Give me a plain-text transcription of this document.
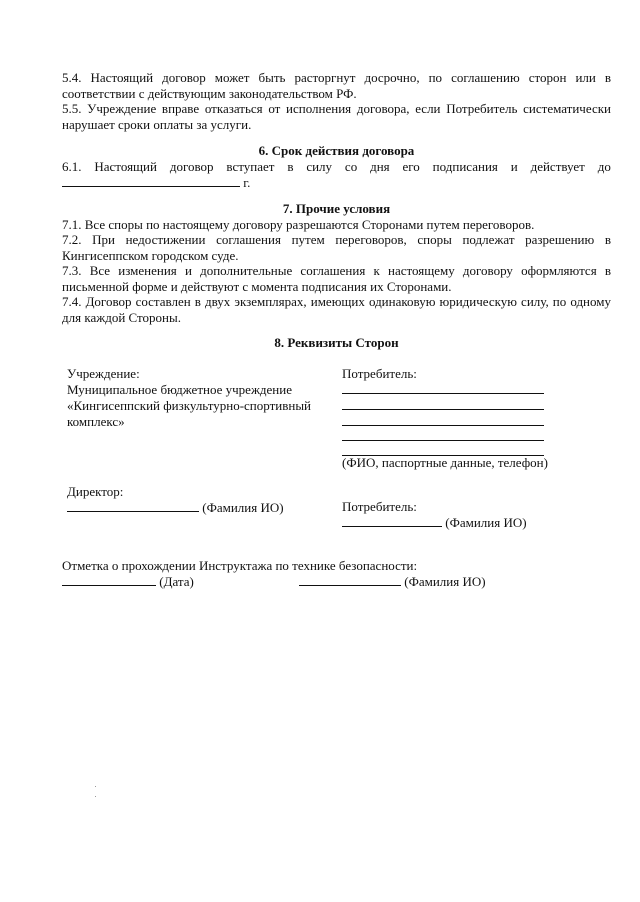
5.4. Настоящий договор может быть расторгнут досрочно, по соглашению сторон или в соответствии с действующим законодательством РФ.

5.5. Учреждение вправе отказаться от исполнения договора, если Потребитель систематически нарушает сроки оплаты за услуги.

6. Срок действия договора

6.1. Настоящий договор вступает в силу со дня его подписания и действует до
г.

7. Прочие условия

7.1. Все споры по настоящему договору разрешаются Сторонами путем переговоров.

7.2. При недостижении соглашения путем переговоров, споры подлежат разрешению в Кингисеппском городском суде.

7.3. Все изменения и дополнительные соглашения к настоящему договору оформляются в письменной форме и действуют с момента подписания их Сторонами.

7.4. Договор составлен в двух экземплярах, имеющих одинаковую юридическую силу, по одному для каждой Стороны.

8. Реквизиты Сторон

Учреждение:
Муниципальное бюджетное учреждение
«Кингисеппский физкультурно-спортивный
комплекс»
Потребитель:
(ФИО, паспортные данные, телефон)
Директор:
(Фамилия ИО)	Потребитель:
(Фамилия ИО)
Отметка о прохождении Инструктажа по технике безопасности:
(Дата)	(Фамилия ИО)
